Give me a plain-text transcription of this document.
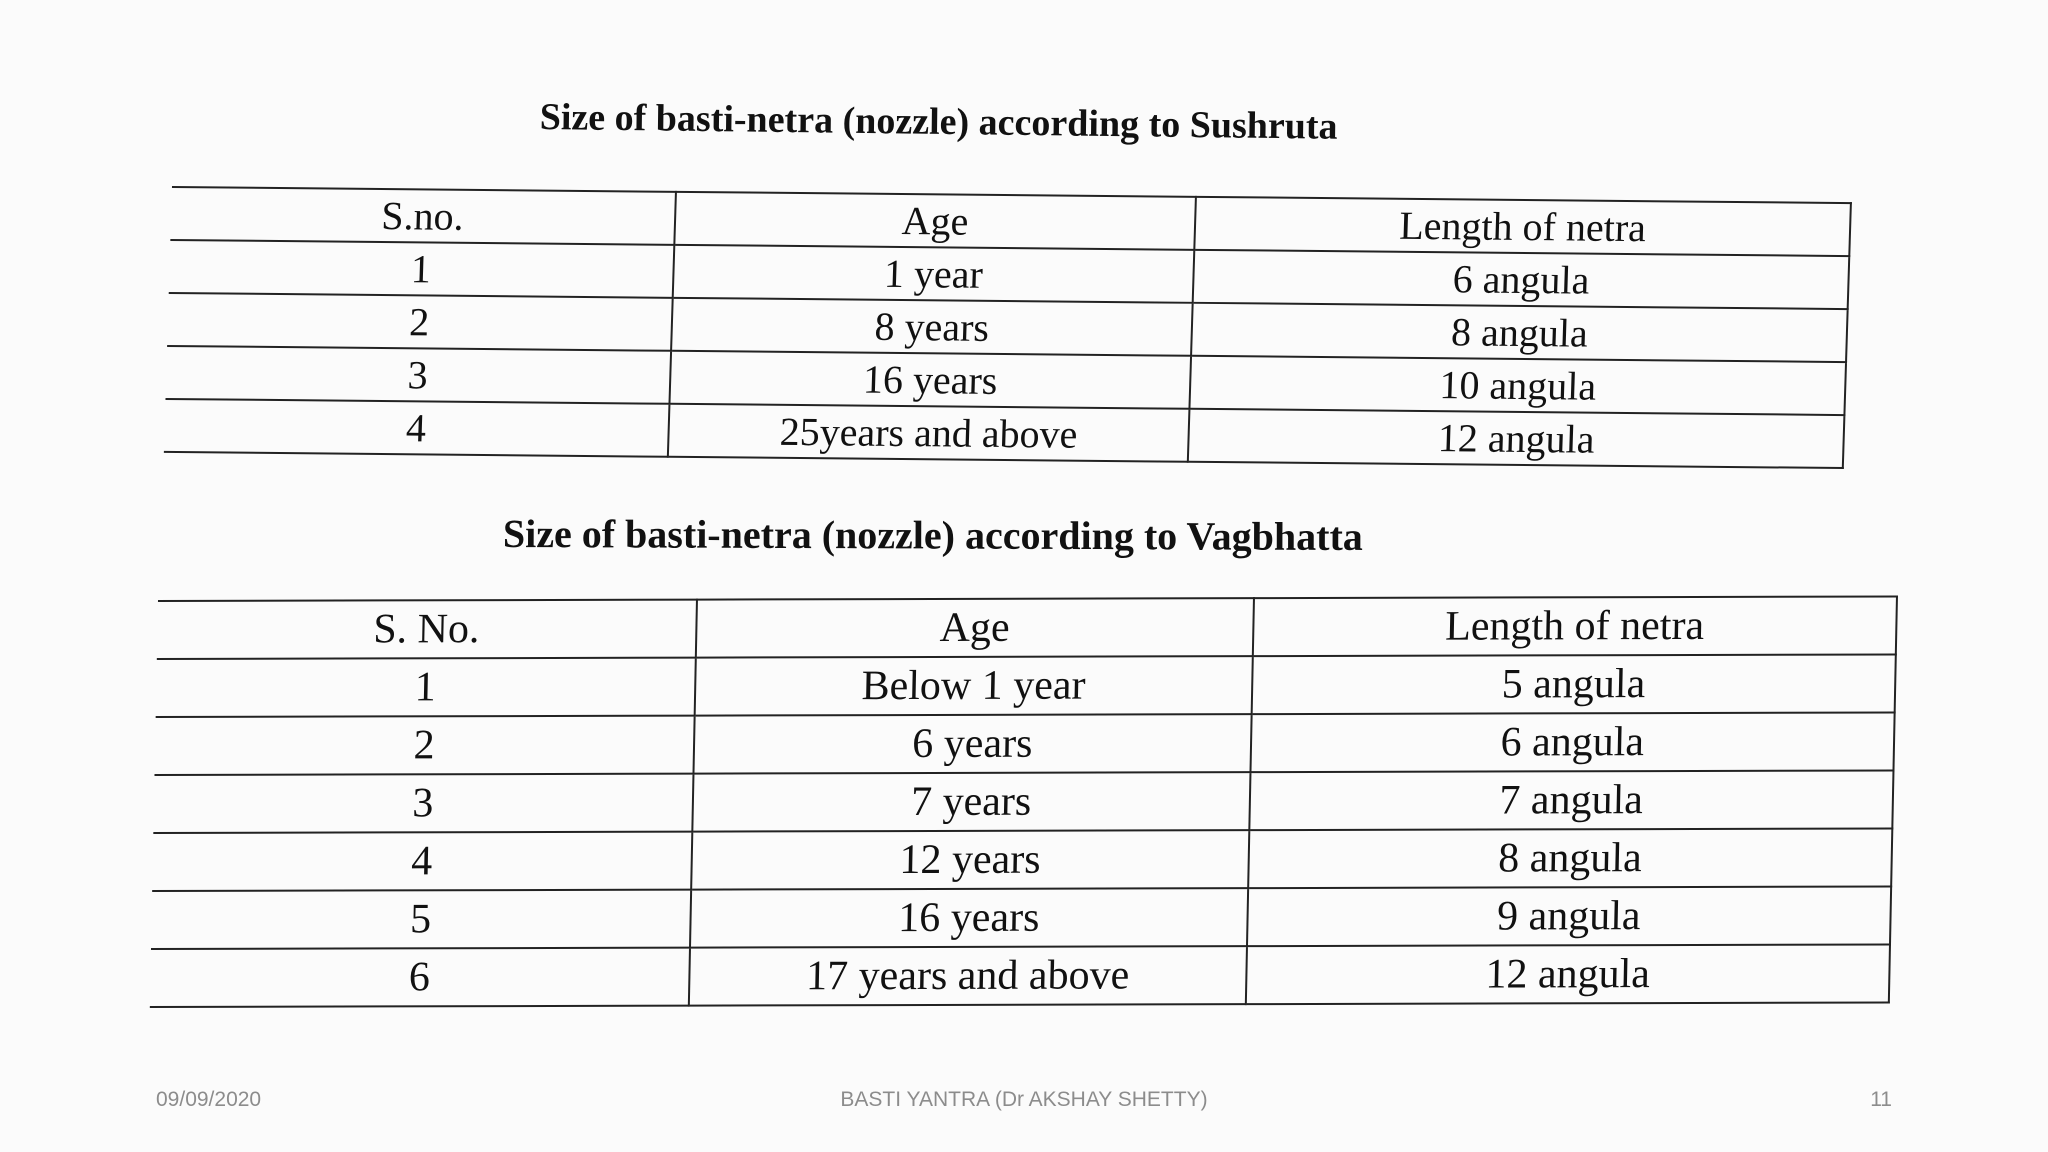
Size of basti-netra (nozzle) according to Sushruta
S.no.	Age	Length of netra
1	1 year	6 angula
2	8 years	8 angula
3	16 years	10 angula
4	25years and above	12 angula
Size of basti-netra (nozzle) according to Vagbhatta
S. No.	Age	Length of netra
1	Below 1 year	5 angula
2	6 years	6 angula
3	7 years	7 angula
4	12 years	8 angula
5	16 years	9 angula
6	17 years and above	12 angula
09/09/2020	BASTI YANTRA (Dr AKSHAY SHETTY)	11
